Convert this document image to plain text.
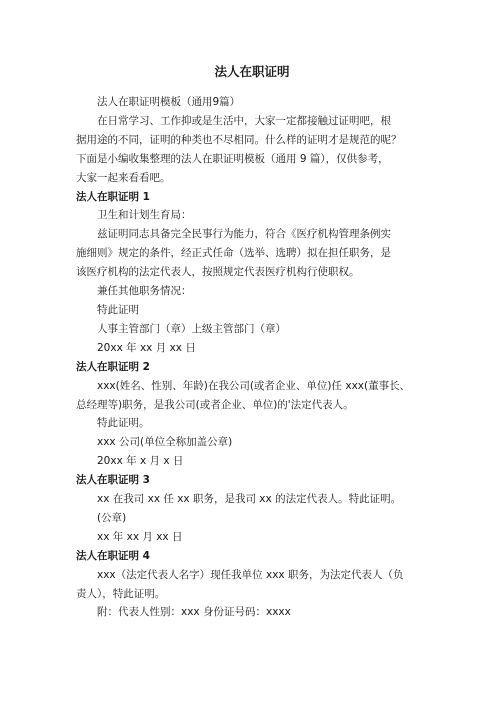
法人在职证明

法人在职证明模板（通用9篇）

在日常学习、工作抑或是生活中，大家一定都接触过证明吧，根

据用途的不同，证明的种类也不尽相同。什么样的证明才是规范的呢？

下面是小编收集整理的法人在职证明模板（通用 9 篇），仅供参考，

大家一起来看看吧。

法人在职证明 1

卫生和计划生育局：

兹证明同志具备完全民事行为能力，符合《医疗机构管理条例实

施细则》规定的条件，经正式任命（选举、选聘）拟在担任职务，是

该医疗机构的法定代表人，按照规定代表医疗机构行使职权。

兼任其他职务情况：

特此证明

人事主管部门（章）上级主管部门（章）

20xx 年 xx 月 xx 日

法人在职证明 2

xxx(姓名、性别、年龄)在我公司(或者企业、单位)任 xxx(董事长、

总经理等)职务，是我公司(或者企业、单位)的'法定代表人。

特此证明。

xxx 公司(单位全称加盖公章)

20xx 年 x 月 x 日

法人在职证明 3

xx 在我司 xx 任 xx 职务，是我司 xx 的法定代表人。特此证明。

(公章)

xx 年 xx 月 xx 日

法人在职证明 4

xxx（法定代表人名字）现任我单位 xxx 职务，为法定代表人（负

责人），特此证明。

附：代表人性别：xxx 身份证号码：xxxx
